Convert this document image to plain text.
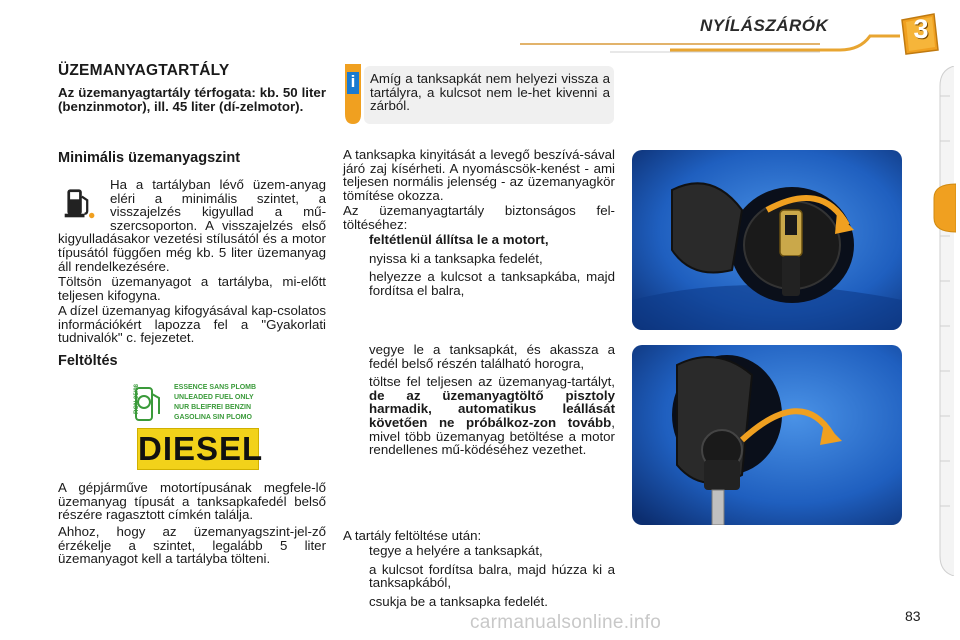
NYÍLÁSZÁRÓK	3
ÜZEMANYAGTARTÁLY

Az üzemanyagtartály térfogata: kb. 50 liter (benzinmotor), ill. 45 liter (dí-zelmotor).

Minimális üzemanyagszint

Ha a tartályban lévő üzem-anyag eléri a minimális szintet, a visszajelzés kigyullad a mű-szercsoporton. A visszajelzés első kigyulladásakor vezetési stílusától és a motor típusától függően még kb. 5 liter üzemanyag áll rendelkezésére.

Töltsön üzemanyagot a tartályba, mi-előtt teljesen kifogyna.

A dízel üzemanyag kifogyásával kap-csolatos információkért lapozza fel a "Gyakorlati tudnivalók" c. fejezetet.

Feltöltés
RON 95/98	ESSENCE SANS PLOMB
UNLEADED FUEL ONLY
NUR BLEIFREI BENZIN
GASOLINA SIN PLOMO
DIESEL

A gépjárműve motortípusának megfele-lő üzemanyag típusát a tanksapkafedél belső részére ragasztott címkén találja.

Ahhoz, hogy az üzemanyagszint-jel-ző érzékelje a szintet, legalább 5 liter üzemanyagot kell a tartályba tölteni.

i Amíg a tanksapkát nem helyezi vissza a tartályra, a kulcsot nem le-het kivenni a zárból.

A tanksapka kinyitását a levegő beszívá-sával járó zaj kísérheti. A nyomáscsök-kenést - ami teljesen normális jelenség - az üzemanyagkör tömítése okozza.

Az üzemanyagtartály biztonságos fel-töltéséhez:

feltétlenül állítsa le a motort,
nyissa ki a tanksapka fedelét,
helyezze a kulcsot a tanksapkába, majd fordítsa el balra,
vegye le a tanksapkát, és akassza a fedél belső részén található horogra,
töltse fel teljesen az üzemanyag-tartályt, de az üzemanyagtöltő pisztoly harmadik, automatikus leállását követően ne próbálkoz-zon tovább, mivel több üzemanyag betöltése a motor rendellenes mű-ködéséhez vezethet.

A tartály feltöltése után:

tegye a helyére a tanksapkát,
a kulcsot fordítsa balra, majd húzza ki a tanksapkából,
csukja be a tanksapka fedelét.
83
carmanualsonline.info
